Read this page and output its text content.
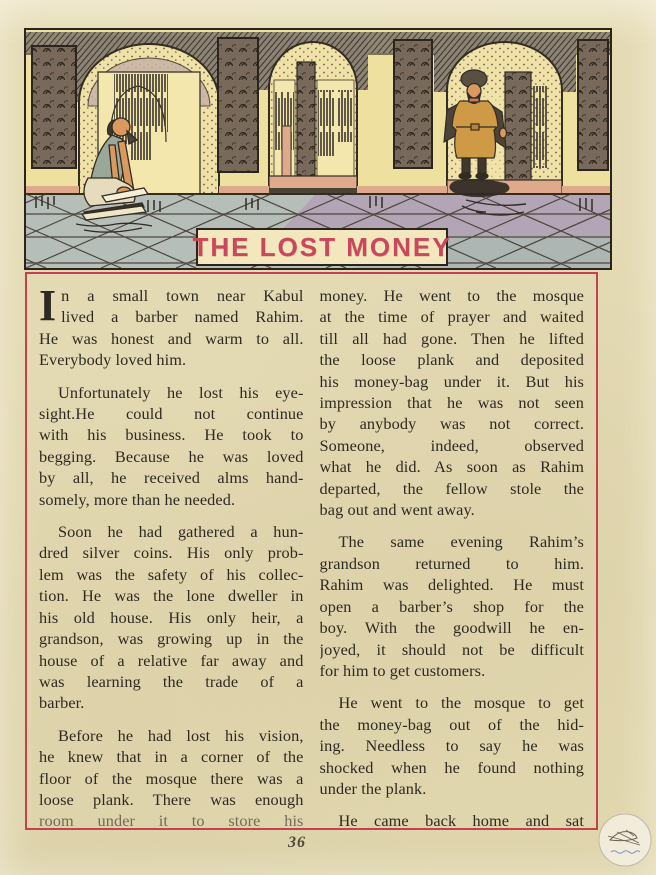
THE LOST MONEY
I n a small town near Kabul
lived a barber named Rahim.
He was honest and warm to all.
Everybody loved him.
Unfortunately he lost his eye-
sight.He could not continue
with his business. He took to
begging. Because he was loved
by all, he received alms hand-
somely, more than he needed.
Soon he had gathered a hun-
dred silver coins. His only prob-
lem was the safety of his collec-
tion. He was the lone dweller in
his old house. His only heir, a
grandson, was growing up in the
house of a relative far away and
was learning the trade of a
barber.
Before he had lost his vision,
he knew that in a corner of the
floor of the mosque there was a
loose plank. There was enough
room under it to store his
money. He went to the mosque
at the time of prayer and waited
till all had gone. Then he lifted
the loose plank and deposited
his money-bag under it. But his
impression that he was not seen
by anybody was not correct.
Someone, indeed, observed
what he did. As soon as Rahim
departed, the fellow stole the
bag out and went away.
The same evening Rahim’s
grandson returned to him.
Rahim was delighted. He must
open a barber’s shop for the
boy. With the goodwill he en-
joyed, it should not be difficult
for him to get customers.
He went to the mosque to get
the money-bag out of the hid-
ing. Needless to say he was
shocked when he found nothing
under the plank.
He came back home and sat
36
